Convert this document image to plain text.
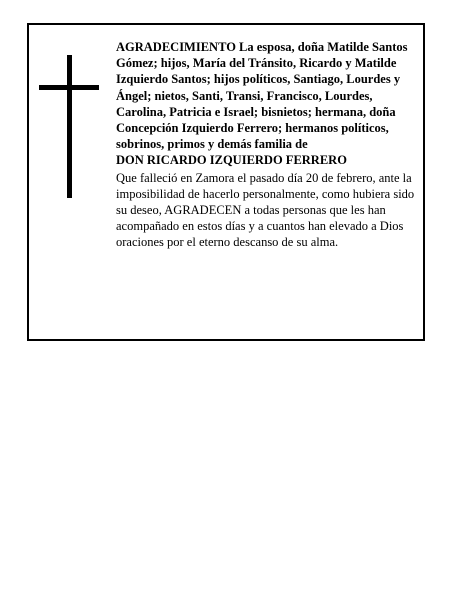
AGRADECIMIENTO La esposa, doña Matilde Santos Gómez; hijos, María del Tránsito, Ricardo y Matilde Izquierdo Santos; hijos políticos, Santiago, Lourdes y Ángel; nietos, Santi, Transi, Francisco, Lourdes, Carolina, Patricia e Israel; bisnietos; hermana, doña Concepción Izquierdo Ferrero; hermanos políticos, sobrinos, primos y demás familia de

DON RICARDO IZQUIERDO FERRERO

Que falleció en Zamora el pasado día 20 de febrero, ante la imposibilidad de hacerlo personalmente, como hubiera sido su deseo, AGRADECEN a todas personas que les han acompañado en estos días y a cuantos han elevado a Dios oraciones por el eterno descanso de su alma.
